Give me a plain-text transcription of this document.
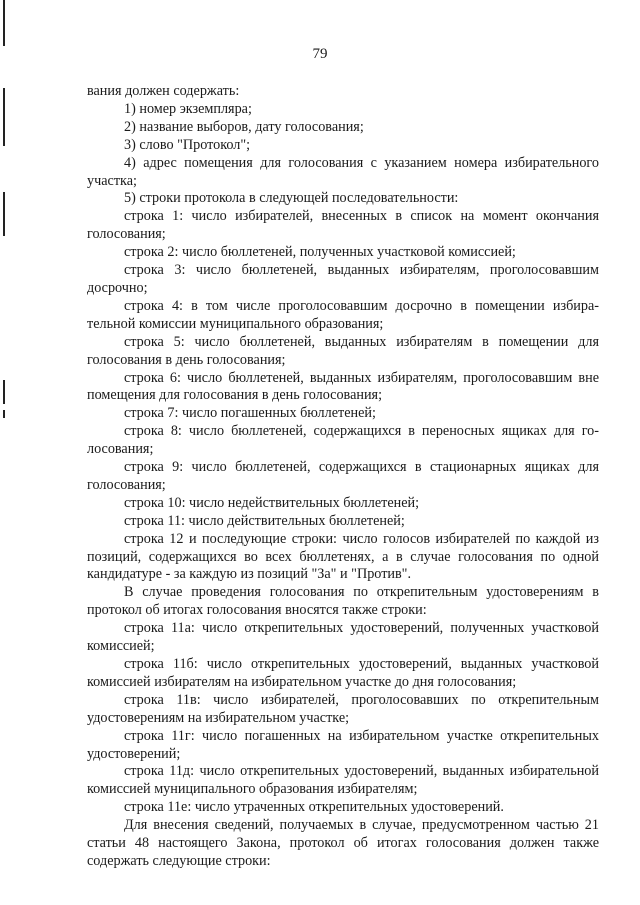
79

вания должен содержать:

1) номер экземпляра;

2) название выборов, дату голосования;

3) слово "Протокол";

4) адрес помещения для голосования с указанием номера избирательного участка;

5) строки протокола в следующей последовательности:

строка 1: число избирателей, внесенных в список на момент окончания голосования;

строка 2: число бюллетеней, полученных участковой комиссией;

строка 3: число бюллетеней, выданных избирателям, проголосовавшим досрочно;

строка 4: в том числе проголосовавшим досрочно в помещении избирательной комиссии муниципального образования;

строка 5: число бюллетеней, выданных избирателям в помещении для голосования в день голосования;

строка 6: число бюллетеней, выданных избирателям, проголосовавшим вне помещения для голосования в день голосования;

строка 7: число погашенных бюллетеней;

строка 8: число бюллетеней, содержащихся в переносных ящиках для голосования;

строка 9: число бюллетеней, содержащихся в стационарных ящиках для голосования;

строка 10: число недействительных бюллетеней;

строка 11: число действительных бюллетеней;

строка 12 и последующие строки: число голосов избирателей по каждой из позиций, содержащихся во всех бюллетенях, а в случае голосования по одной кандидатуре - за каждую из позиций "За" и "Против".

В случае проведения голосования по открепительным удостоверениям в протокол об итогах голосования вносятся также строки:

строка 11а: число открепительных удостоверений, полученных участковой комиссией;

строка 11б: число открепительных удостоверений, выданных участковой комиссией избирателям на избирательном участке до дня голосования;

строка 11в: число избирателей, проголосовавших по открепительным удостоверениям на избирательном участке;

строка 11г: число погашенных на избирательном участке открепительных удостоверений;

строка 11д: число открепительных удостоверений, выданных избирательной комиссией муниципального образования избирателям;

строка 11е: число утраченных открепительных удостоверений.

Для внесения сведений, получаемых в случае, предусмотренном частью 21 статьи 48 настоящего Закона, протокол об итогах голосования должен также содержать следующие строки:
